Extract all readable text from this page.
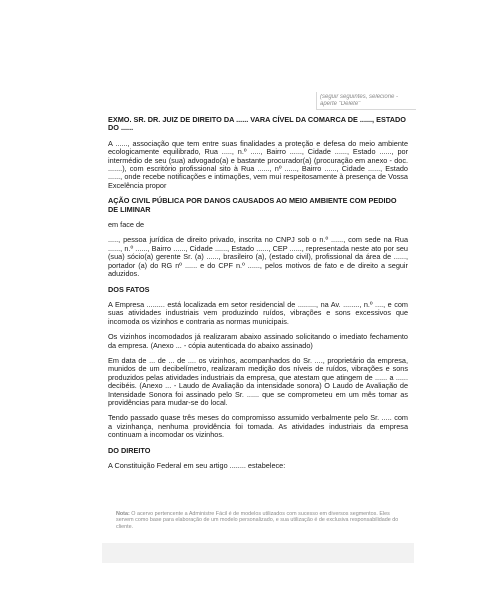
(seguir seguintes, selecione -
aperte "Delete"
EXMO. SR. DR. JUIZ DE DIREITO DA ...... VARA CÍVEL DA COMARCA DE ......, ESTADO DO ......
A ......, associação que tem entre suas finalidades a proteção e defesa do meio ambiente ecologicamente equilibrado, Rua ....., n.º ....., Bairro ......, Cidade ......, Estado ......, por intermédio de seu (sua) advogado(a) e bastante procurador(a) (procuração em anexo - doc. .......), com escritório profissional sito à Rua ......, nº ......, Bairro ......, Cidade ......, Estado ......, onde recebe notificações e intimações, vem mui respeitosamente à presença de Vossa Excelência propor
AÇÃO CIVIL PÚBLICA POR DANOS CAUSADOS AO MEIO AMBIENTE COM PEDIDO DE LIMINAR
em face de
....., pessoa jurídica de direito privado, inscrita no CNPJ sob o n.º ......, com sede na Rua ......, n.º ......, Bairro ......, Cidade ......, Estado ......, CEP ......, representada neste ato por seu (sua) sócio(a) gerente Sr. (a) ......, brasileiro (a), (estado civil), profissional da área de ......, portador (a) do RG nº ...... e do CPF n.º ......, pelos motivos de fato e de direito a seguir aduzidos.
DOS FATOS
A Empresa ......... está localizada em setor residencial de ........., na Av. ........, n.º ...., e com suas atividades industriais vem produzindo ruídos, vibrações e sons excessivos que incomoda os vizinhos e contraria as normas municipais.
Os vizinhos incomodados já realizaram abaixo assinado solicitando o imediato fechamento da empresa. (Anexo ... - cópia autenticada do abaixo assinado)
Em data de ... de ... de .... os vizinhos, acompanhados do Sr. ...., proprietário da empresa, munidos de um decibelímetro, realizaram medição dos níveis de ruídos, vibrações e sons produzidos pelas atividades industriais da empresa, que atestam que atingem de ...... a ...... decibéis. (Anexo ... - Laudo de Avaliação da intensidade sonora) O Laudo de Avaliação de Intensidade Sonora foi assinado pelo Sr. ...... que se comprometeu em um mês tomar as providências para mudar-se do local.
Tendo passado quase três meses do compromisso assumido verbalmente pelo Sr. ..... com a vizinhança, nenhuma providência foi tomada. As atividades industriais da empresa continuam a incomodar os vizinhos.
DO DIREITO
A Constituição Federal em seu artigo ........ estabelece:
Nota: O acervo pertencente a Administre Fácil é de modelos utilizados com sucesso em diversos segmentos. Eles servem como base para elaboração de um modelo personalizado, e sua utilização é de exclusiva responsabilidade do cliente.
